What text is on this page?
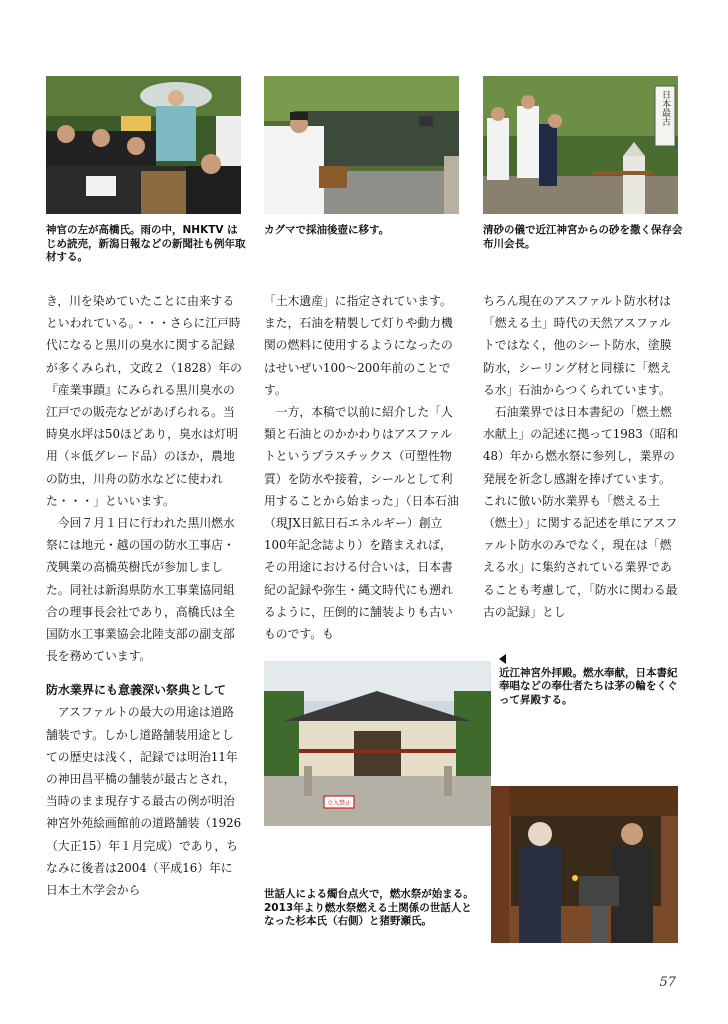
神官の左が高橋氏。雨の中，NHKTV はじめ読売，新潟日報などの新聞社も例年取材する。
カグマで採油後壺に移す。
日本最古
清砂の儀で近江神宮からの砂を撒く保存会布川会長。

き，川を染めていたことに由来するといわれている。・・・さらに江戸時代になると黒川の臭水に関する記録が多くみられ，文政２（1828）年の『産業事蹟』にみられる黒川臭水の江戸での販売などがあげられる。当時臭水坪は50ほどあり，臭水は灯明用（＊低グレード品）のほか，農地の防虫，川舟の防水などに使われた・・・」といいます。

今回７月１日に行われた黒川燃水祭には地元・越の国の防水工事店・茂興業の高橋英樹氏が参加しました。同社は新潟県防水工事業協同組合の理事長会社であり，高橋氏は全国防水工事業協会北陸支部の副支部長を務めています。

防水業界にも意義深い祭典として

アスファルトの最大の用途は道路舗装です。しかし道路舗装用途としての歴史は浅く，記録では明治11年の神田昌平橋の舗装が最古とされ，当時のまま現存する最古の例が明治神宮外苑絵画館前の道路舗装（1926（大正15）年１月完成）であり，ちなみに後者は2004（平成16）年に日本土木学会から

「土木遺産」に指定されています。また，石油を精製して灯りや動力機関の燃料に使用するようになったのはせいぜい100～200年前のことです。

一方，本稿で以前に紹介した「人類と石油とのかかわりはアスファルトというプラスチックス（可塑性物質）を防水や接着，シールとして利用することから始まった」（日本石油（現JX日鉱日石エネルギー）創立100年記念誌より）を踏まえれば，その用途における付合いは，日本書紀の記録や弥生・縄文時代にも遡れるように，圧倒的に舗装よりも古いものです。も

ちろん現在のアスファルト防水材は「燃える土」時代の天然アスファルトではなく，他のシート防水，塗膜防水，シーリング材と同様に「燃える水」石油からつくられています。

石油業界では日本書紀の「燃土燃水献上」の記述に拠って1983（昭和48）年から燃水祭に参列し，業界の発展を祈念し感謝を捧げています。これに倣い防水業界も「燃える土（燃土）」に関する記述を単にアスファルト防水のみでなく，現在は「燃える水」に集約されている業界であることも考慮して，「防水に関わる最古の記録」とし

立入禁止
近江神宮外拝殿。燃水奉献，日本書紀奉唱などの奉仕者たちは茅の輪をくぐって昇殿する。
世話人による燭台点火で，燃水祭が始まる。2013年より燃水祭燃える土関係の世話人となった杉本氏（右側）と猪野瀬氏。
57
